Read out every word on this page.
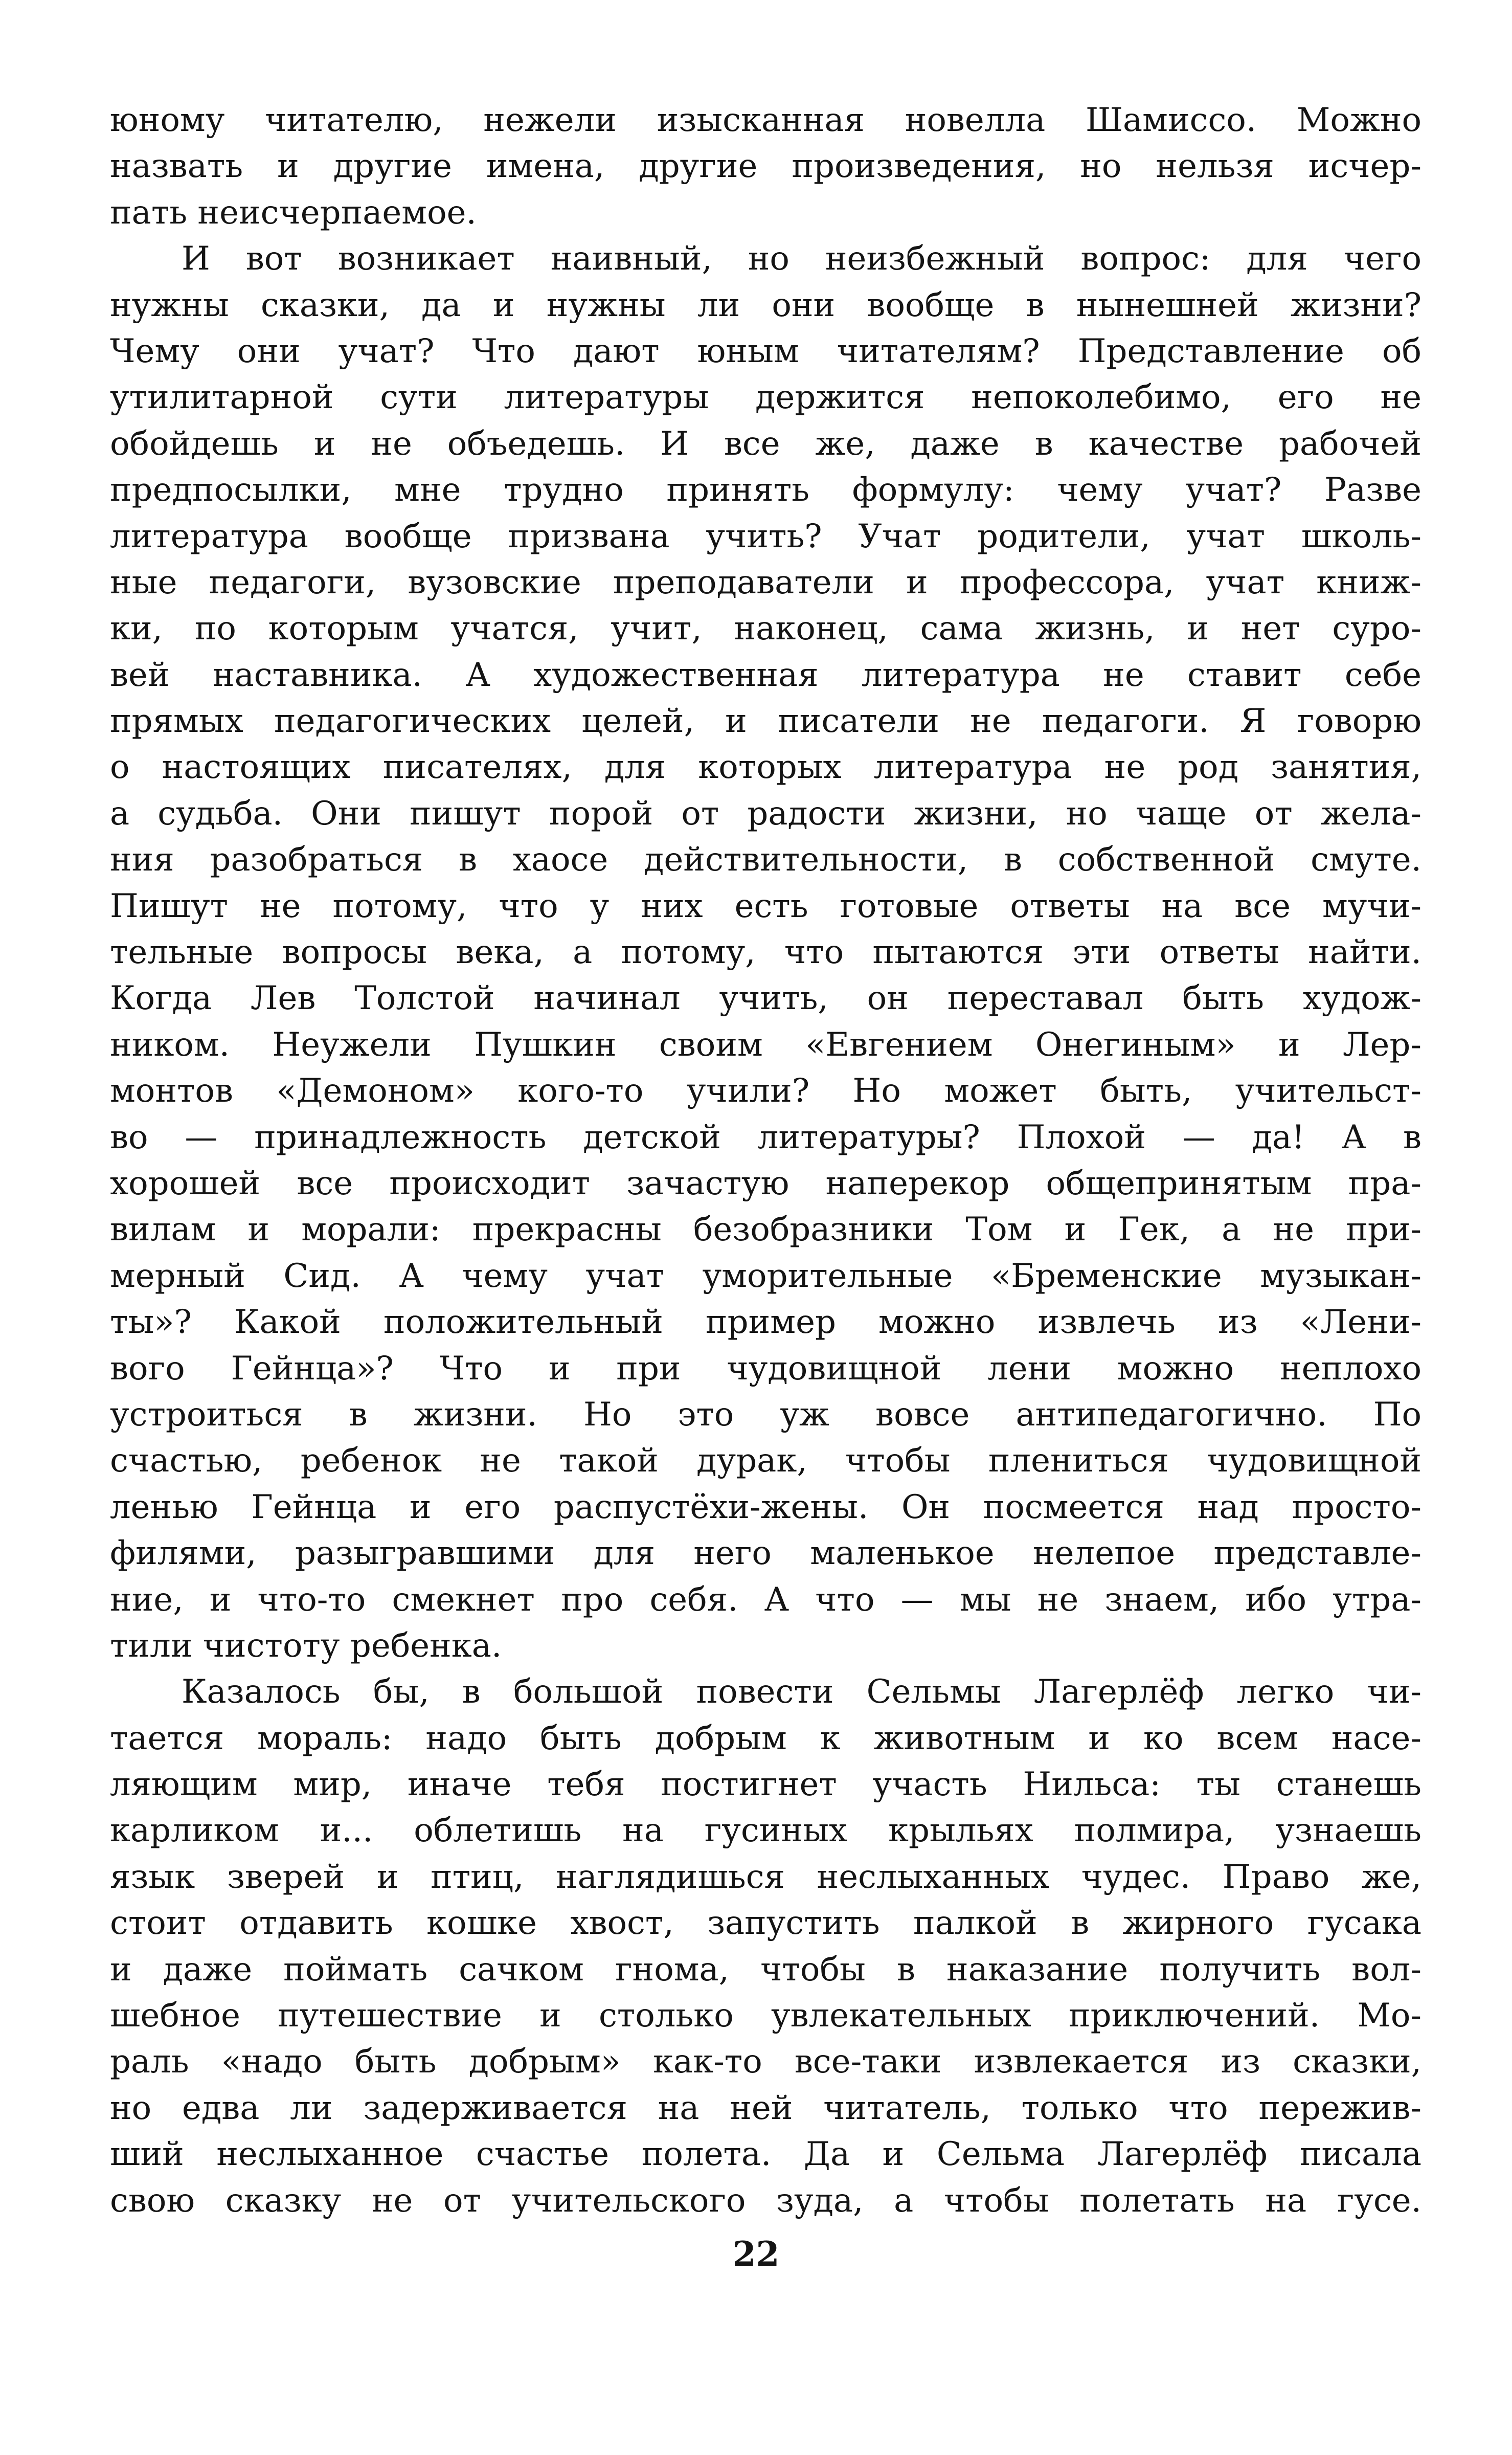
юному читателю, нежели изысканная новелла Шамиссо. Можно
назвать и другие имена, другие произведения, но нельзя исчер-
пать неисчерпаемое.
И вот возникает наивный, но неизбежный вопрос: для чего
нужны сказки, да и нужны ли они вообще в нынешней жизни?
Чему они учат? Что дают юным читателям? Представление об
утилитарной сути литературы держится непоколебимо, его не
обойдешь и не объедешь. И все же, даже в качестве рабочей
предпосылки, мне трудно принять формулу: чему учат? Разве
литература вообще призвана учить? Учат родители, учат школь-
ные педагоги, вузовские преподаватели и профессора, учат книж-
ки, по которым учатся, учит, наконец, сама жизнь, и нет суро-
вей наставника. А художественная литература не ставит себе
прямых педагогических целей, и писатели не педагоги. Я говорю
о настоящих писателях, для которых литература не род занятия,
а судьба. Они пишут порой от радости жизни, но чаще от жела-
ния разобраться в хаосе действительности, в собственной смуте.
Пишут не потому, что у них есть готовые ответы на все мучи-
тельные вопросы века, а потому, что пытаются эти ответы найти.
Когда Лев Толстой начинал учить, он переставал быть худож-
ником. Неужели Пушкин своим «Евгением Онегиным» и Лер-
монтов «Демоном» кого-то учили? Но может быть, учительст-
во — принадлежность детской литературы? Плохой — да! А в
хорошей все происходит зачастую наперекор общепринятым пра-
вилам и морали: прекрасны безобразники Том и Гек, а не при-
мерный Сид. А чему учат уморительные «Бременские музыкан-
ты»? Какой положительный пример можно извлечь из «Лени-
вого Гейнца»? Что и при чудовищной лени можно неплохо
устроиться в жизни. Но это уж вовсе антипедагогично. По
счастью, ребенок не такой дурак, чтобы плениться чудовищной
ленью Гейнца и его распустёхи-жены. Он посмеется над просто-
филями, разыгравшими для него маленькое нелепое представле-
ние, и что-то смекнет про себя. А что — мы не знаем, ибо утра-
тили чистоту ребенка.
Казалось бы, в большой повести Сельмы Лагерлёф легко чи-
тается мораль: надо быть добрым к животным и ко всем насе-
ляющим мир, иначе тебя постигнет участь Нильса: ты станешь
карликом и... облетишь на гусиных крыльях полмира, узнаешь
язык зверей и птиц, наглядишься неслыханных чудес. Право же,
стоит отдавить кошке хвост, запустить палкой в жирного гусака
и даже поймать сачком гнома, чтобы в наказание получить вол-
шебное путешествие и столько увлекательных приключений. Мо-
раль «надо быть добрым» как-то все-таки извлекается из сказки,
но едва ли задерживается на ней читатель, только что пережив-
ший неслыханное счастье полета. Да и Сельма Лагерлёф писала
свою сказку не от учительского зуда, а чтобы полетать на гусе.
22
